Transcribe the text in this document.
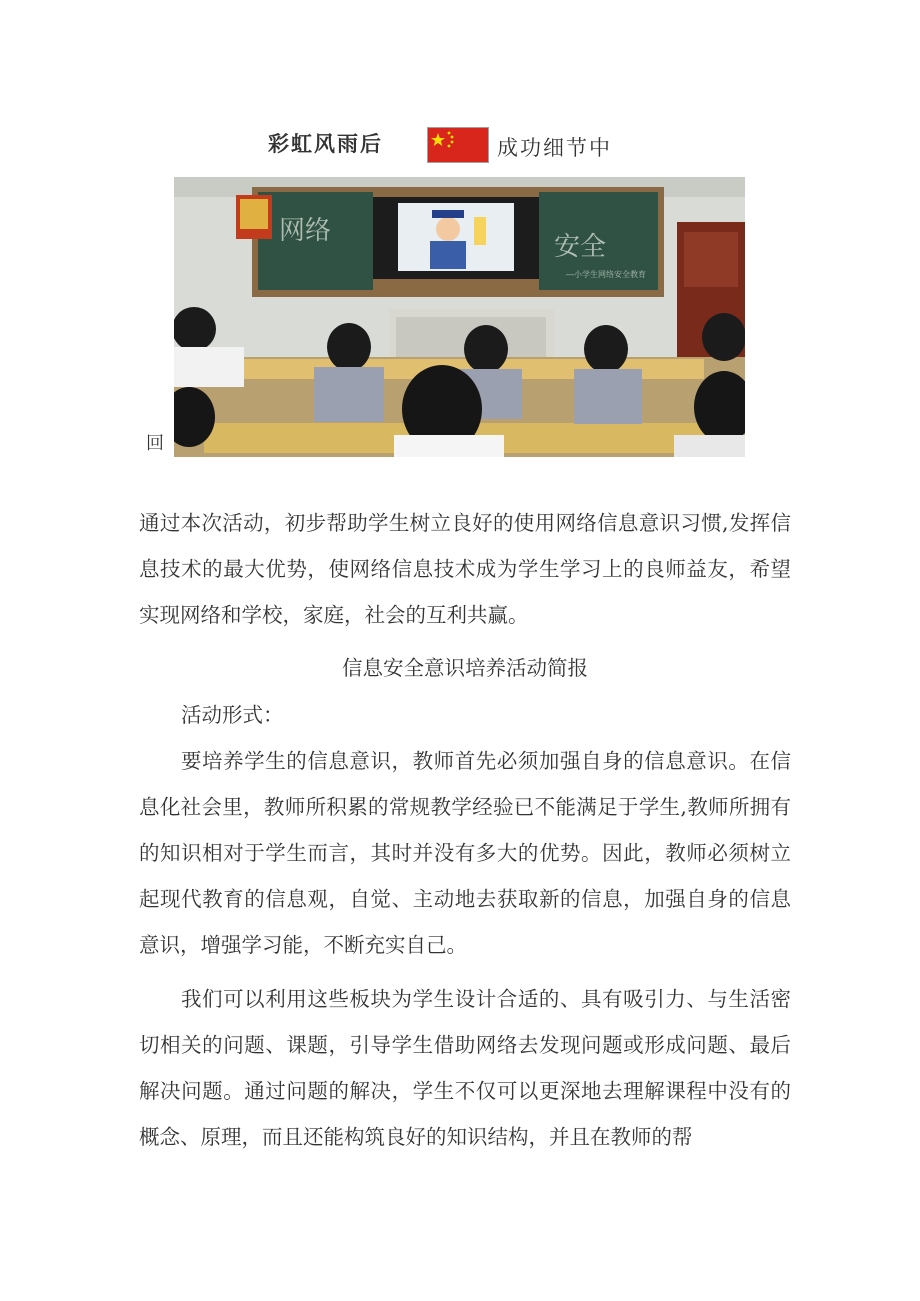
彩虹风雨后	成功细节中
网络
安全
—小学生网络安全教育
回
通过本次活动，初步帮助学生树立良好的使用网络信息意识习惯,发挥信息技术的最大优势，使网络信息技术成为学生学习上的良师益友，希望实现网络和学校，家庭，社会的互利共赢。
信息安全意识培养活动简报
活动形式：
要培养学生的信息意识，教师首先必须加强自身的信息意识。在信息化社会里，教师所积累的常规教学经验已不能满足于学生,教师所拥有的知识相对于学生而言，其时并没有多大的优势。因此，教师必须树立起现代教育的信息观，自觉、主动地去获取新的信息，加强自身的信息意识，增强学习能，不断充实自己。
我们可以利用这些板块为学生设计合适的、具有吸引力、与生活密切相关的问题、课题，引导学生借助网络去发现问题或形成问题、最后解决问题。通过问题的解决，学生不仅可以更深地去理解课程中没有的概念、原理，而且还能构筑良好的知识结构，并且在教师的帮
